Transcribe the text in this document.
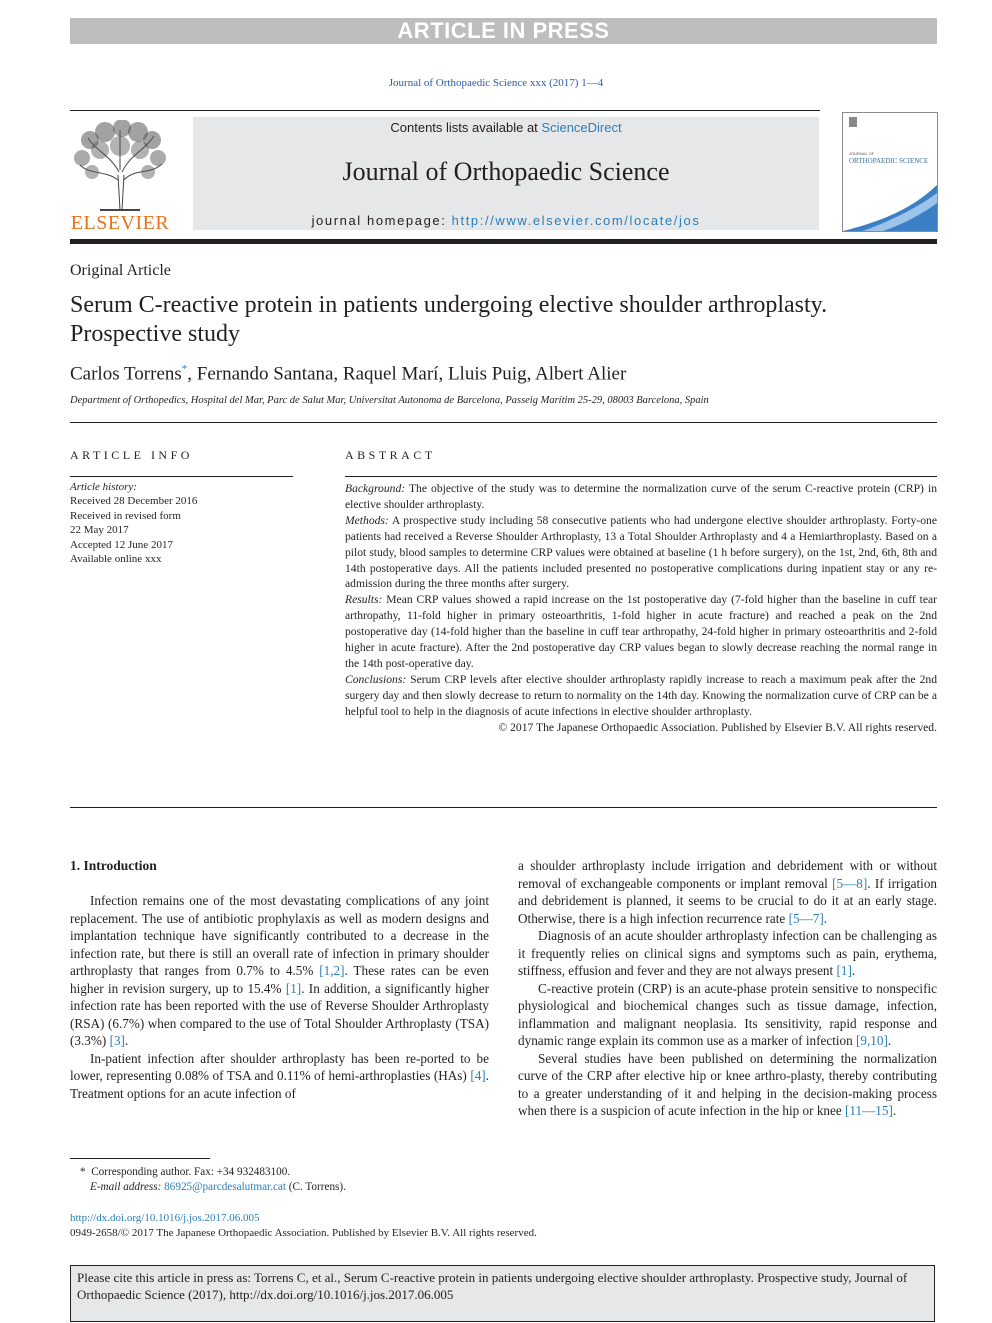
ARTICLE IN PRESS
Journal of Orthopaedic Science xxx (2017) 1—4
ELSEVIER
Contents lists available at ScienceDirect
Journal of Orthopaedic Science
journal homepage: http://www.elsevier.com/locate/jos
JOURNAL OF
ORTHOPAEDIC SCIENCE
Original Article
Serum C-reactive protein in patients undergoing elective shoulder arthroplasty. Prospective study
Carlos Torrens*, Fernando Santana, Raquel Marí, Lluis Puig, Albert Alier
Department of Orthopedics, Hospital del Mar, Parc de Salut Mar, Universitat Autonoma de Barcelona, Passeig Marítim 25-29, 08003 Barcelona, Spain
ARTICLE INFO
Article history:
Received 28 December 2016
Received in revised form
22 May 2017
Accepted 12 June 2017
Available online xxx
ABSTRACT

Background: The objective of the study was to determine the normalization curve of the serum C-reactive protein (CRP) in elective shoulder arthroplasty.

Methods: A prospective study including 58 consecutive patients who had undergone elective shoulder arthroplasty. Forty-one patients had received a Reverse Shoulder Arthroplasty, 13 a Total Shoulder Arthroplasty and 4 a Hemiarthroplasty. Based on a pilot study, blood samples to determine CRP values were obtained at baseline (1 h before surgery), on the 1st, 2nd, 6th, 8th and 14th postoperative days. All the patients included presented no postoperative complications during inpatient stay or any re-admission during the three months after surgery.

Results: Mean CRP values showed a rapid increase on the 1st postoperative day (7-fold higher than the baseline in cuff tear arthropathy, 11-fold higher in primary osteoarthritis, 1-fold higher in acute fracture) and reached a peak on the 2nd postoperative day (14-fold higher than the baseline in cuff tear arthropathy, 24-fold higher in primary osteoarthritis and 2-fold higher in acute fracture). After the 2nd postoperative day CRP values began to slowly decrease reaching the normal range in the 14th post-operative day.

Conclusions: Serum CRP levels after elective shoulder arthroplasty rapidly increase to reach a maximum peak after the 2nd surgery day and then slowly decrease to return to normality on the 14th day. Knowing the normalization curve of CRP can be a helpful tool to help in the diagnosis of acute infections in elective shoulder arthroplasty.

© 2017 The Japanese Orthopaedic Association. Published by Elsevier B.V. All rights reserved.

1. Introduction

Infection remains one of the most devastating complications of any joint replacement. The use of antibiotic prophylaxis as well as modern designs and implantation technique have significantly contributed to a decrease in the infection rate, but there is still an overall rate of infection in primary shoulder arthroplasty that ranges from 0.7% to 4.5% [1,2]. These rates can be even higher in revision surgery, up to 15.4% [1]. In addition, a significantly higher infection rate has been reported with the use of Reverse Shoulder Arthroplasty (RSA) (6.7%) when compared to the use of Total Shoulder Arthroplasty (TSA) (3.3%) [3].

In-patient infection after shoulder arthroplasty has been re-ported to be lower, representing 0.08% of TSA and 0.11% of hemi-arthroplasties (HAs) [4]. Treatment options for an acute infection of

a shoulder arthroplasty include irrigation and debridement with or without removal of exchangeable components or implant removal [5—8]. If irrigation and debridement is planned, it seems to be crucial to do it at an early stage. Otherwise, there is a high infection recurrence rate [5—7].

Diagnosis of an acute shoulder arthroplasty infection can be challenging as it frequently relies on clinical signs and symptoms such as pain, erythema, stiffness, effusion and fever and they are not always present [1].

C-reactive protein (CRP) is an acute-phase protein sensitive to nonspecific physiological and biochemical changes such as tissue damage, infection, inflammation and malignant neoplasia. Its sensitivity, rapid response and dynamic range explain its common use as a marker of infection [9,10].

Several studies have been published on determining the normalization curve of the CRP after elective hip or knee arthro-plasty, thereby contributing to a greater understanding of it and helping in the decision-making process when there is a suspicion of acute infection in the hip or knee [11—15].

* Corresponding author. Fax: +34 932483100.
E-mail address: 86925@parcdesalutmar.cat (C. Torrens).
http://dx.doi.org/10.1016/j.jos.2017.06.005
0949-2658/© 2017 The Japanese Orthopaedic Association. Published by Elsevier B.V. All rights reserved.
Please cite this article in press as: Torrens C, et al., Serum C-reactive protein in patients undergoing elective shoulder arthroplasty. Prospective study, Journal of Orthopaedic Science (2017), http://dx.doi.org/10.1016/j.jos.2017.06.005
